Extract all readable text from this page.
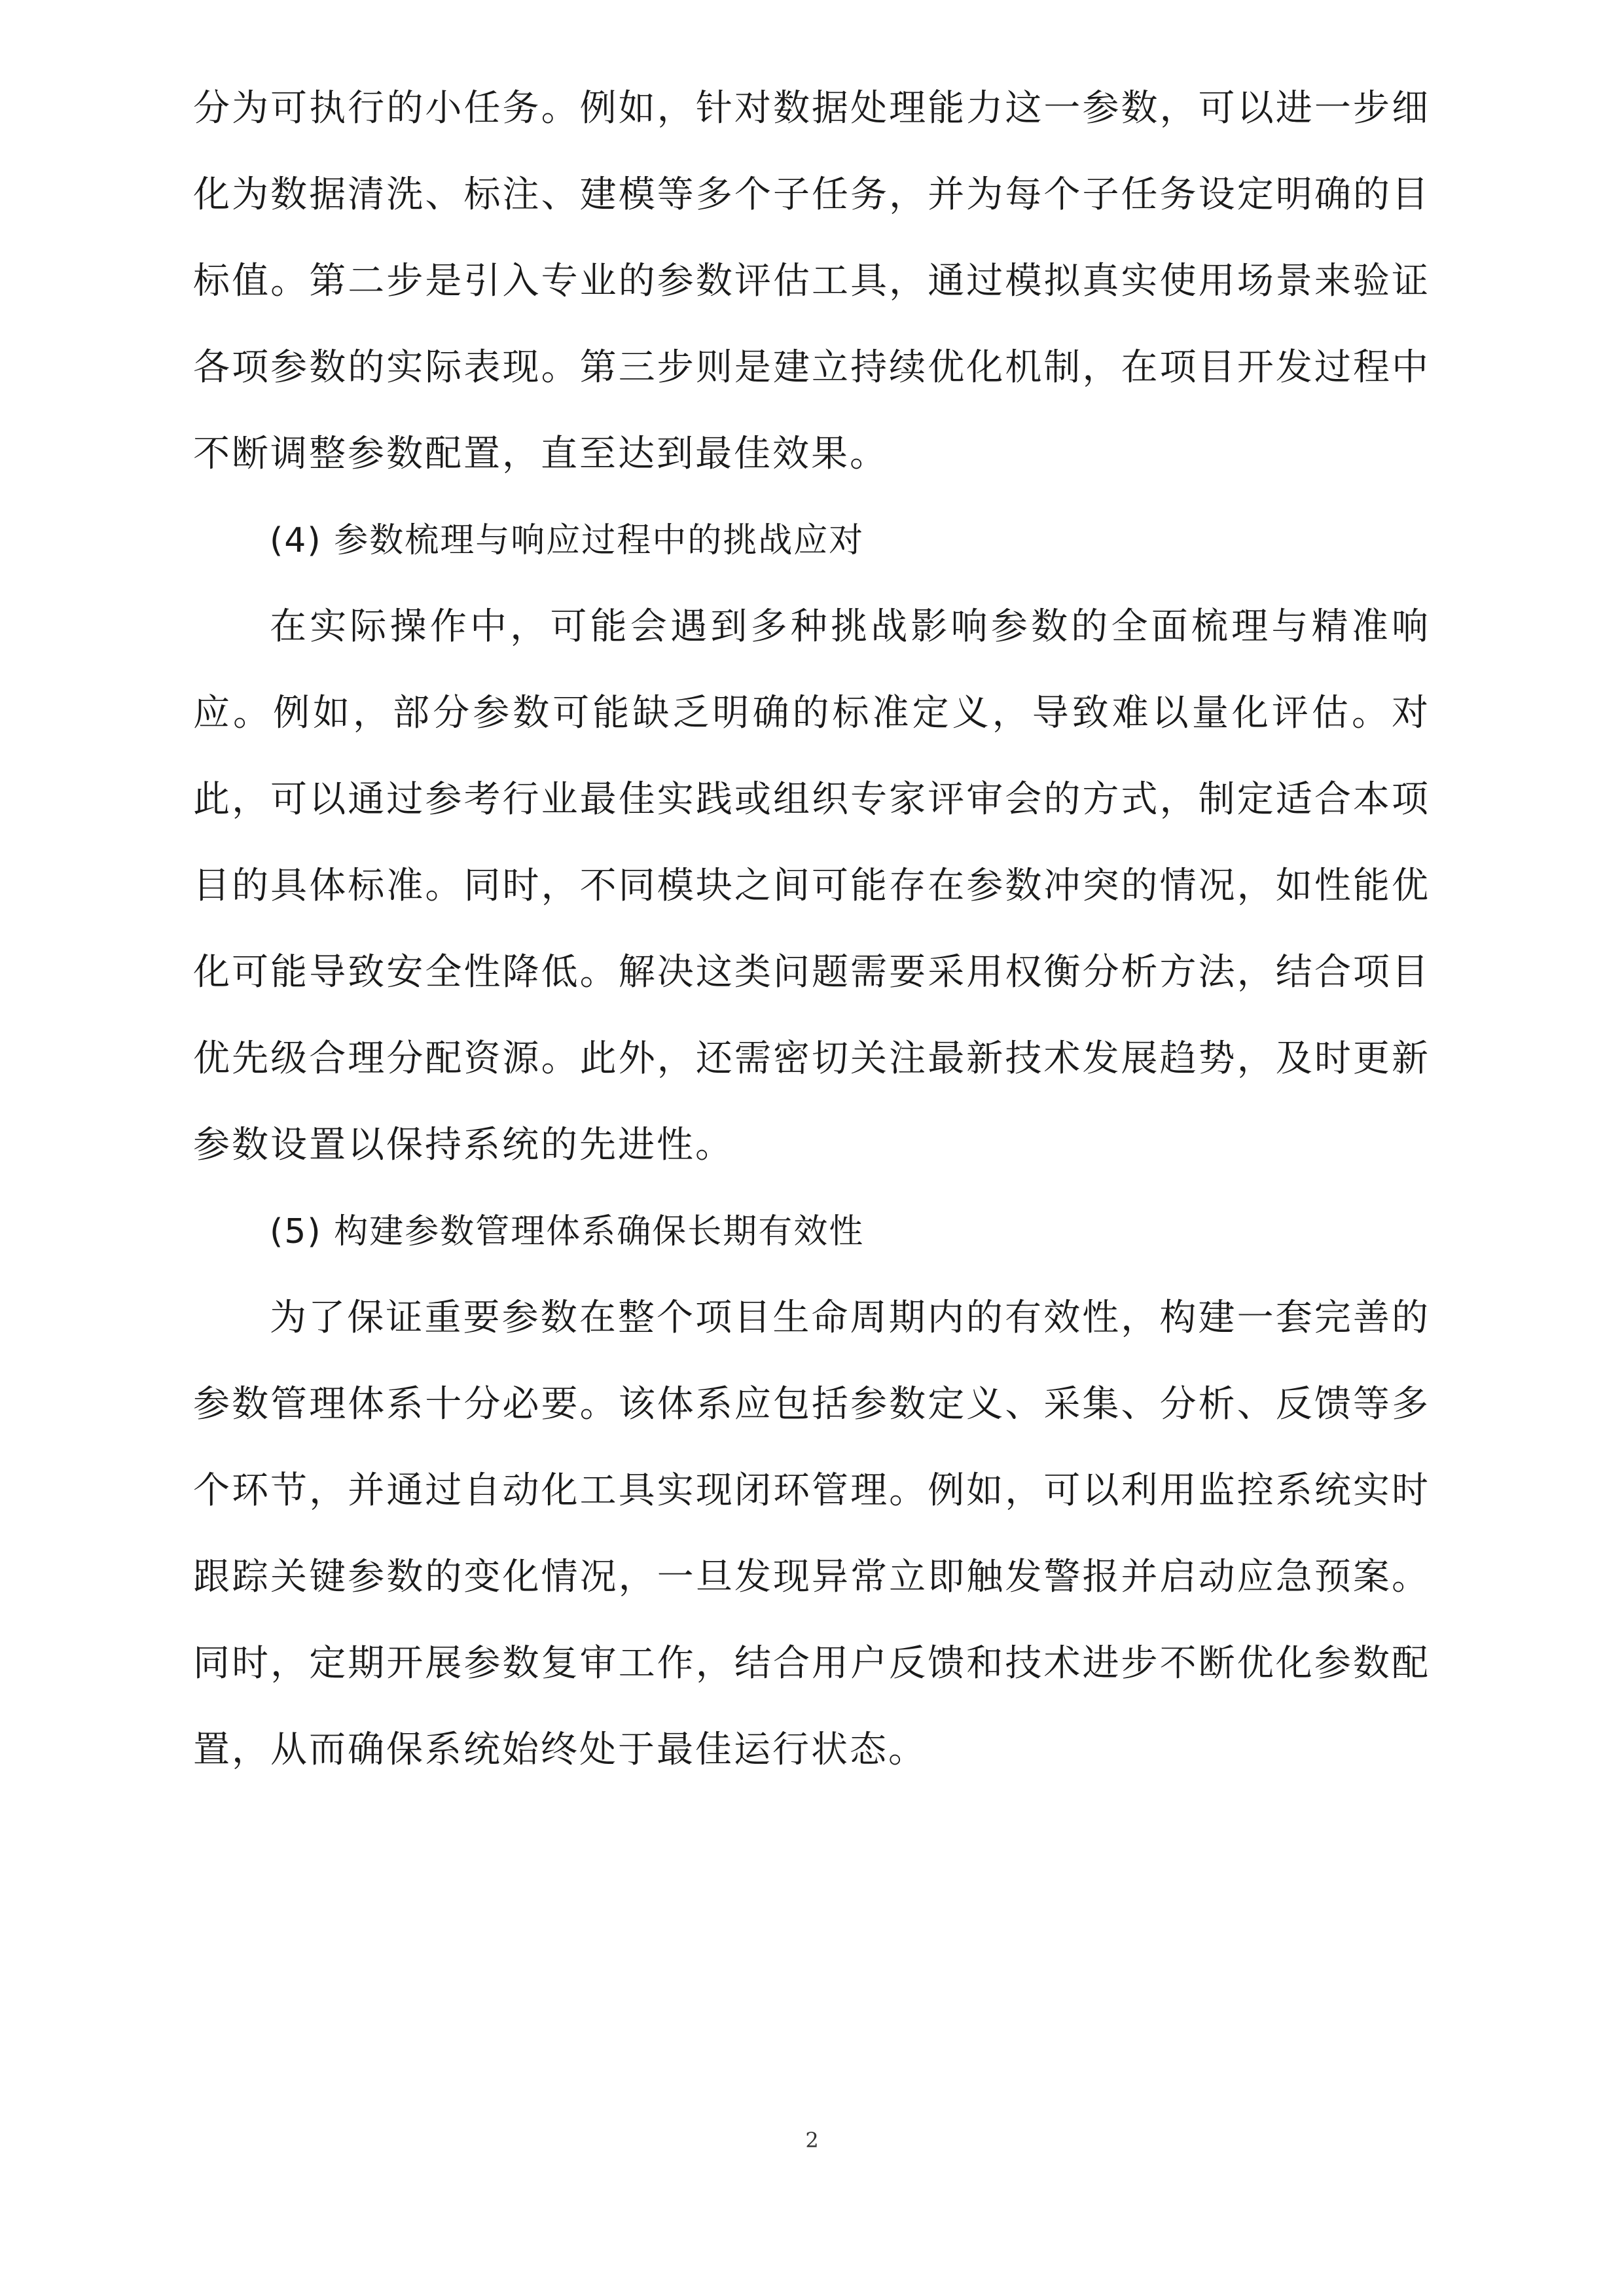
分为可执行的小任务。例如，针对数据处理能力这一参数，可以进一步细化为数据清洗、标注、建模等多个子任务，并为每个子任务设定明确的目标值。第二步是引入专业的参数评估工具，通过模拟真实使用场景来验证各项参数的实际表现。第三步则是建立持续优化机制，在项目开发过程中不断调整参数配置，直至达到最佳效果。

(4) 参数梳理与响应过程中的挑战应对

在实际操作中，可能会遇到多种挑战影响参数的全面梳理与精准响应。例如，部分参数可能缺乏明确的标准定义，导致难以量化评估。对此，可以通过参考行业最佳实践或组织专家评审会的方式，制定适合本项目的具体标准。同时，不同模块之间可能存在参数冲突的情况，如性能优化可能导致安全性降低。解决这类问题需要采用权衡分析方法，结合项目优先级合理分配资源。此外，还需密切关注最新技术发展趋势，及时更新参数设置以保持系统的先进性。

(5) 构建参数管理体系确保长期有效性

为了保证重要参数在整个项目生命周期内的有效性，构建一套完善的参数管理体系十分必要。该体系应包括参数定义、采集、分析、反馈等多个环节，并通过自动化工具实现闭环管理。例如，可以利用监控系统实时跟踪关键参数的变化情况，一旦发现异常立即触发警报并启动应急预案。同时，定期开展参数复审工作，结合用户反馈和技术进步不断优化参数配置，从而确保系统始终处于最佳运行状态。

2
